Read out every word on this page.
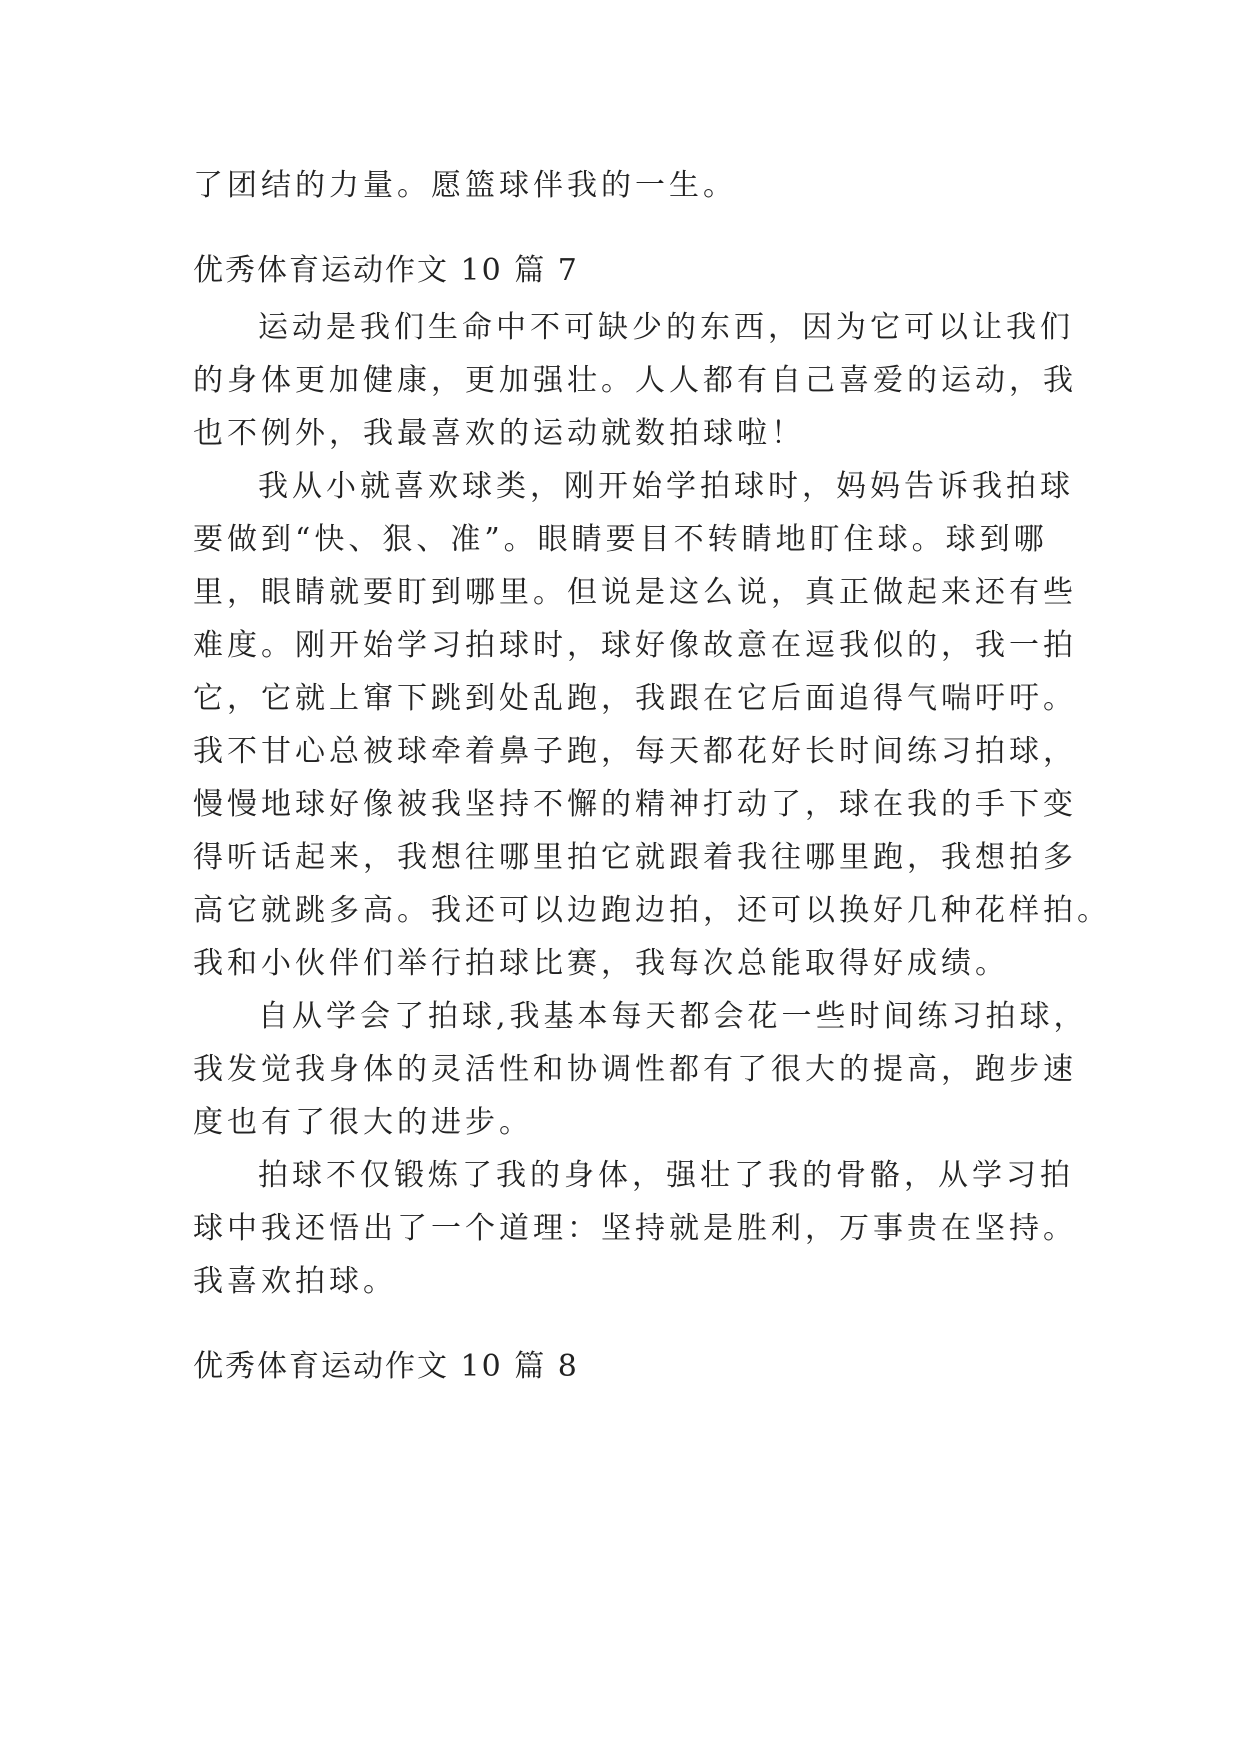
了团结的力量。愿篮球伴我的一生。
优秀体育运动作文 10 篇 7
运动是我们生命中不可缺少的东西，因为它可以让我们
的身体更加健康，更加强壮。人人都有自己喜爱的运动，我
也不例外，我最喜欢的运动就数拍球啦！
我从小就喜欢球类，刚开始学拍球时，妈妈告诉我拍球
要做到“快、狠、准”。眼睛要目不转睛地盯住球。球到哪
里，眼睛就要盯到哪里。但说是这么说，真正做起来还有些
难度。刚开始学习拍球时，球好像故意在逗我似的，我一拍
它，它就上窜下跳到处乱跑，我跟在它后面追得气喘吁吁。
我不甘心总被球牵着鼻子跑，每天都花好长时间练习拍球，
慢慢地球好像被我坚持不懈的精神打动了，球在我的手下变
得听话起来，我想往哪里拍它就跟着我往哪里跑，我想拍多
高它就跳多高。我还可以边跑边拍，还可以换好几种花样拍。
我和小伙伴们举行拍球比赛，我每次总能取得好成绩。
自从学会了拍球,我基本每天都会花一些时间练习拍球，
我发觉我身体的灵活性和协调性都有了很大的提高，跑步速
度也有了很大的进步。
拍球不仅锻炼了我的身体，强壮了我的骨骼，从学习拍
球中我还悟出了一个道理：坚持就是胜利，万事贵在坚持。
我喜欢拍球。
优秀体育运动作文 10 篇 8
